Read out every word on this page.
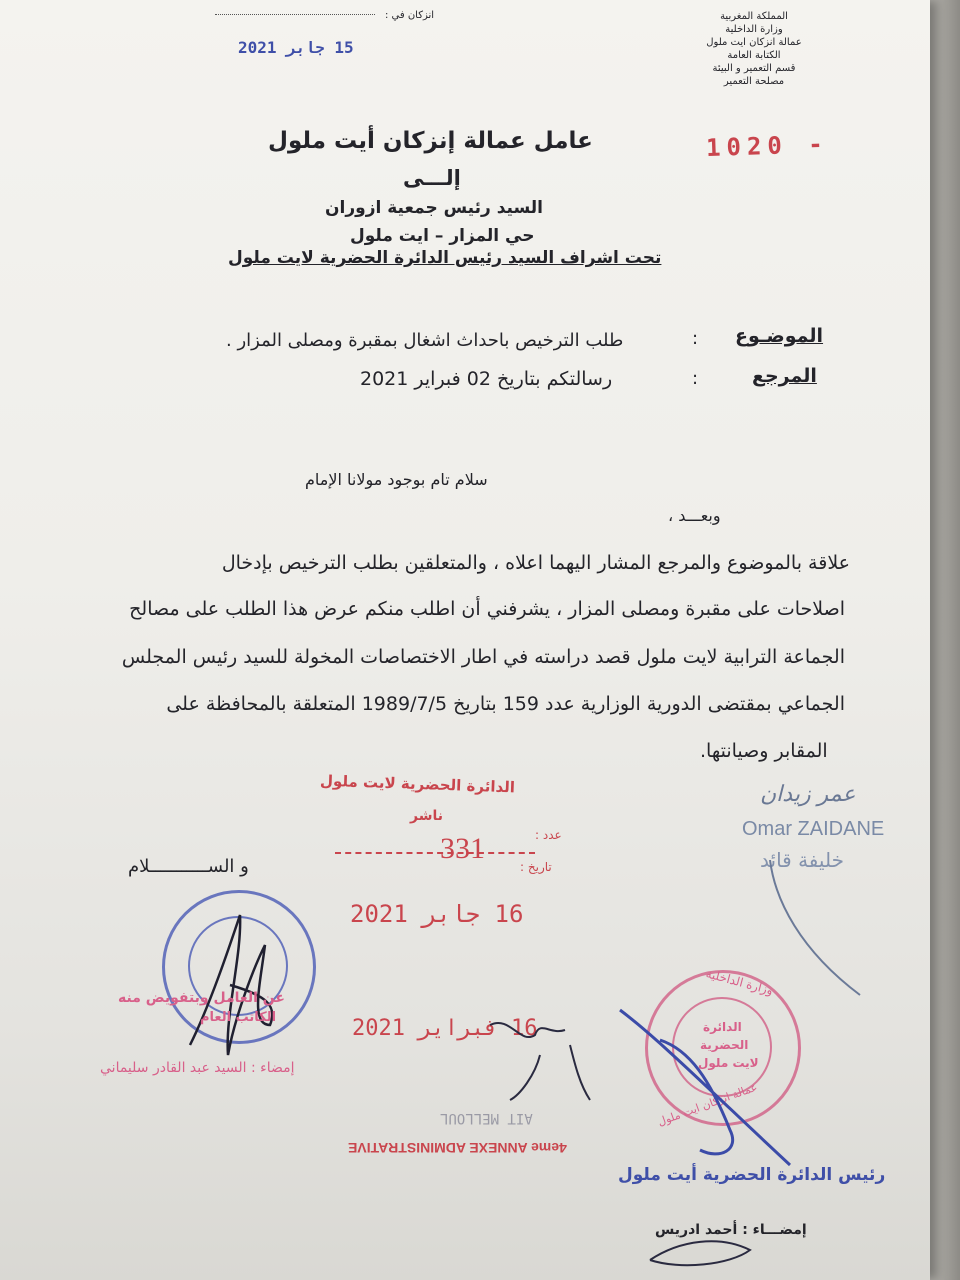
المملكة المغربية
وزارة الداخلية
عمالة انزكان ايت ملول
الكتابة العامة
قسم التعمير و البيئة
مصلحة التعمير
انزكان في :
15 جابر 2021
1020 -
عامل عمالة إنزكان أيت ملول
إلـــى
السيد رئيس جمعية ازوران
حي المزار – ايت ملول
تحت اشراف السيد رئيس الدائرة الحضرية لايت ملول
الموضـوع
:
طلب الترخيص باحداث اشغال بمقبرة ومصلى المزار .
المرجع
:
رسالتكم بتاريخ 02 فبراير 2021
سلام تام بوجود مولانا الإمام
وبعـــد ،
علاقة بالموضوع والمرجع المشار اليهما اعلاه ، والمتعلقين بطلب الترخيص بإدخال
اصلاحات على مقبرة ومصلى المزار ، يشرفني أن اطلب منكم عرض هذا الطلب على مصالح
الجماعة الترابية لايت ملول قصد دراسته في اطار الاختصاصات المخولة للسيد رئيس المجلس
الجماعي بمقتضى الدورية الوزارية عدد 159 بتاريخ 1989/7/5 المتعلقة بالمحافظة على
المقابر وصيانتها.
عمر زيدان
Omar ZAIDANE
خليفة قائد
و الســـــــــــلام
الدائرة الحضرية لايت ملول
ناشر
عدد :
331
تاريخ :
16 جابر 2021
عن العامل وبتفويض منه
الكاتب العام
إمضاء : السيد عبد القادر سليماني
16 فبراير 2021
AIT MELLOUL
4eme ANNEXE ADMINISTRATIVE
وزارة الداخلية
الدائرة
الحضرية
لايت ملول
عمالة انزكان ايت ملول
رئيس الدائرة الحضرية أيت ملول
إمضـــاء : أحمد ادريس
